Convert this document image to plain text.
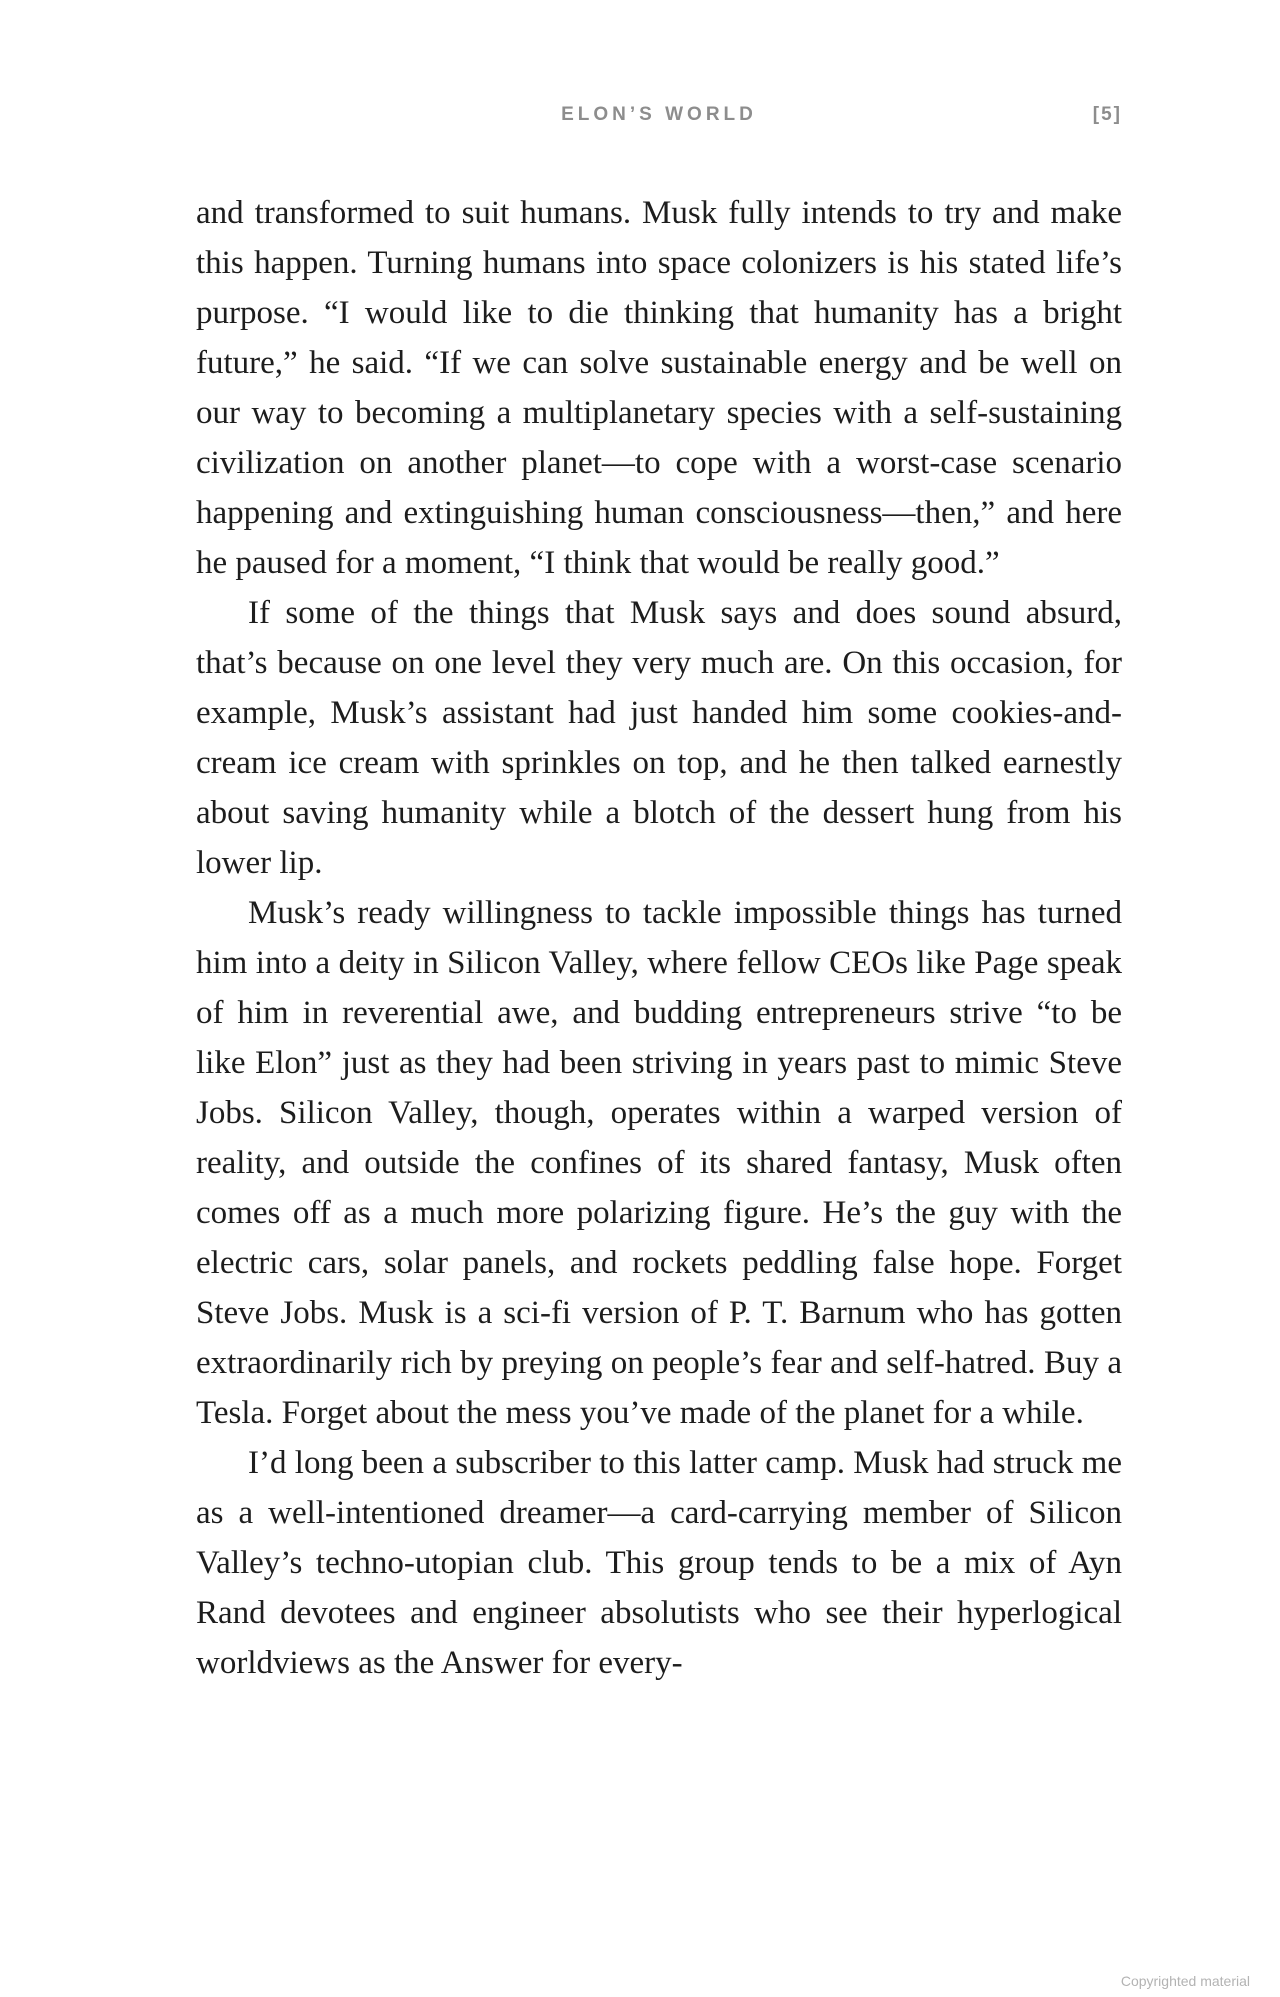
ELON’S WORLD	[5]

and transformed to suit humans. Musk fully intends to try and make this happen. Turning humans into space colonizers is his stated life’s purpose. “I would like to die thinking that humanity has a bright future,” he said. “If we can solve sustainable energy and be well on our way to becoming a multiplanetary species with a self-sustaining civilization on another planet—to cope with a worst-case scenario happening and extinguishing human consciousness—then,” and here he paused for a moment, “I think that would be really good.”

If some of the things that Musk says and does sound absurd, that’s because on one level they very much are. On this occasion, for example, Musk’s assistant had just handed him some cookies-and-cream ice cream with sprinkles on top, and he then talked earnestly about saving humanity while a blotch of the dessert hung from his lower lip.

Musk’s ready willingness to tackle impossible things has turned him into a deity in Silicon Valley, where fellow CEOs like Page speak of him in reverential awe, and budding entrepreneurs strive “to be like Elon” just as they had been striving in years past to mimic Steve Jobs. Silicon Valley, though, operates within a warped version of reality, and outside the confines of its shared fantasy, Musk often comes off as a much more polarizing figure. He’s the guy with the electric cars, solar panels, and rockets peddling false hope. Forget Steve Jobs. Musk is a sci-fi version of P. T. Barnum who has gotten extraordinarily rich by preying on people’s fear and self-hatred. Buy a Tesla. Forget about the mess you’ve made of the planet for a while.

I’d long been a subscriber to this latter camp. Musk had struck me as a well-intentioned dreamer—a card-carrying member of Silicon Valley’s techno-utopian club. This group tends to be a mix of Ayn Rand devotees and engineer absolutists who see their hyperlogical worldviews as the Answer for every-

Copyrighted material
